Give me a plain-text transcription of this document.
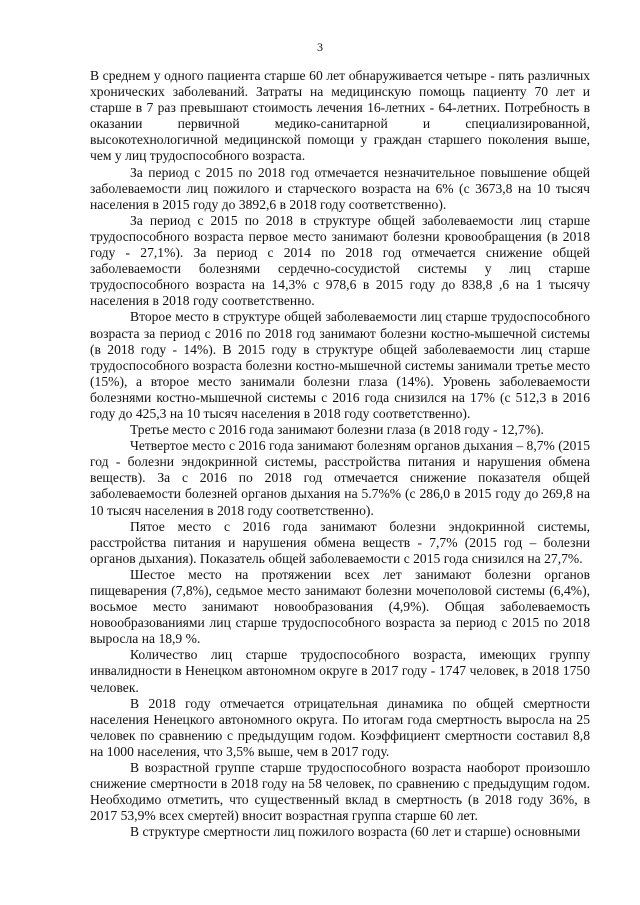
3

В среднем у одного пациента старше 60 лет обнаруживается четыре - пять различных хронических заболеваний. Затраты на медицинскую помощь пациенту 70 лет и старше в 7 раз превышают стоимость лечения 16-летних - 64-летних. Потребность в оказании первичной медико-санитарной и специализированной, высокотехнологичной медицинской помощи у граждан старшего поколения выше, чем у лиц трудоспособного возраста.

За период с 2015 по 2018 год отмечается незначительное повышение общей заболеваемости лиц пожилого и старческого возраста на 6% (с 3673,8 на 10 тысяч населения в 2015 году до 3892,6 в 2018 году соответственно).

За период с 2015 по 2018 в структуре общей заболеваемости лиц старше трудоспособного возраста первое место занимают болезни кровообращения (в 2018 году - 27,1%). За период с 2014 по 2018 год отмечается снижение общей заболеваемости болезнями сердечно-сосудистой системы у лиц старше трудоспособного возраста на 14,3% с 978,6 в 2015 году до 838,8 ,6 на 1 тысячу населения в 2018 году соответственно.

Второе место в структуре общей заболеваемости лиц старше трудоспособного возраста за период с 2016 по 2018 год занимают болезни костно-мышечной системы (в 2018 году - 14%). В 2015 году в структуре общей заболеваемости лиц старше трудоспособного возраста болезни костно-мышечной системы занимали третье место (15%), а второе место занимали болезни глаза (14%). Уровень заболеваемости болезнями костно-мышечной системы с 2016 года снизился на 17% (с 512,3 в 2016 году до 425,3 на 10 тысяч населения в 2018 году соответственно).

Третье место с 2016 года занимают болезни глаза (в 2018 году - 12,7%).

Четвертое место с 2016 года занимают болезням органов дыхания – 8,7% (2015 год - болезни эндокринной системы, расстройства питания и нарушения обмена веществ). За с 2016 по 2018 год отмечается снижение показателя общей заболеваемости болезней органов дыхания на 5.7%% (с 286,0 в 2015 году до 269,8 на 10 тысяч населения в 2018 году соответственно).

Пятое место с 2016 года занимают болезни эндокринной системы, расстройства питания и нарушения обмена веществ - 7,7% (2015 год – болезни органов дыхания). Показатель общей заболеваемости с 2015 года снизился на 27,7%.

Шестое место на протяжении всех лет занимают болезни органов пищеварения (7,8%), седьмое место занимают болезни мочеполовой системы (6,4%), восьмое место занимают новообразования (4,9%). Общая заболеваемость новообразованиями лиц старше трудоспособного возраста за период с 2015 по 2018 выросла на 18,9 %.

Количество лиц старше трудоспособного возраста, имеющих группу инвалидности в Ненецком автономном округе в 2017 году - 1747 человек, в 2018 1750 человек.

В 2018 году отмечается отрицательная динамика по общей смертности населения Ненецкого автономного округа. По итогам года смертность выросла на 25 человек по сравнению с предыдущим годом. Коэффициент смертности составил 8,8 на 1000 населения, что 3,5% выше, чем в 2017 году.

В возрастной группе старше трудоспособного возраста наоборот произошло снижение смертности в 2018 году на 58 человек, по сравнению с предыдущим годом. Необходимо отметить, что существенный вклад в смертность (в 2018 году 36%, в 2017 53,9% всех смертей) вносит возрастная группа старше 60 лет.

В структуре смертности лиц пожилого возраста (60 лет и старше) основными
